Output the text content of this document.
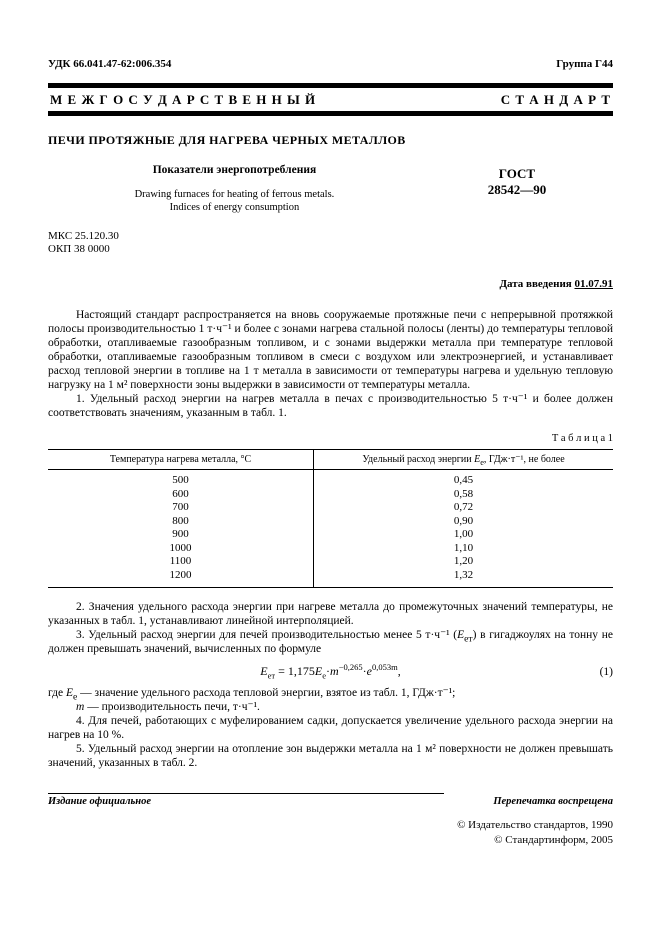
УДК 66.041.47-62:006.354	Группа Г44
М Е Ж Г О С У Д А Р С Т В Е Н Н Ы Й	С Т А Н Д А Р Т
ПЕЧИ ПРОТЯЖНЫЕ ДЛЯ НАГРЕВА ЧЕРНЫХ МЕТАЛЛОВ
Показатели энергопотребления
Drawing furnaces for heating of ferrous metals.
Indices of energy consumption
ГОСТ
28542—90
МКС 25.120.30
ОКП 38 0000
Дата введения 01.07.91

Настоящий стандарт распространяется на вновь сооружаемые протяжные печи с непрерывной протяжкой полосы производительностью 1 т·ч⁻¹ и более с зонами нагрева стальной полосы (ленты) до температуры тепловой обработки, отапливаемые газообразным топливом, и с зонами выдержки металла при температуре тепловой обработки, отапливаемые газообразным топливом в смеси с воздухом или электроэнергией, и устанавливает расход тепловой энергии в топливе на 1 т металла в зависимости от температуры нагрева и удельную тепловую нагрузку на 1 м² поверхности зоны выдержки в зависимости от температуры металла.

1. Удельный расход энергии на нагрев металла в печах с производительностью 5 т·ч⁻¹ и более должен соответствовать значениям, указанным в табл. 1.

Т а б л и ц а 1
Температура нагрева металла, °С	Удельный расход энергии $Е_е$, ГДж·т⁻¹, не более
500	0,45
600	0,58
700	0,72
800	0,90
900	1,00
1000	1,10
1100	1,20
1200	1,32

2. Значения удельного расхода энергии при нагреве металла до промежуточных значений температуры, не указанных в табл. 1, устанавливают линейной интерполяцией.

3. Удельный расход энергии для печей производительностью менее 5 т·ч⁻¹ $(Е_{ет})$ в гигаджоулях на тонну не должен превышать значений, вычисленных по формуле

$Е_{ет} = 1,175Е_е\cdot m^{-0,265}\cdot e^{0,053m}$,	(1)

где $Е_е$ — значение удельного расхода тепловой энергии, взятое из табл. 1, ГДж·т⁻¹;

m — производительность печи, т·ч⁻¹.

4. Для печей, работающих с муфелированием садки, допускается увеличение удельного расхода энергии на нагрев на 10 %.

5. Удельный расход энергии на отопление зон выдержки металла на 1 м² поверхности не должен превышать значений, указанных в табл. 2.

Издание официальное	Перепечатка воспрещена
© Издательство стандартов, 1990
© Стандартинформ, 2005
